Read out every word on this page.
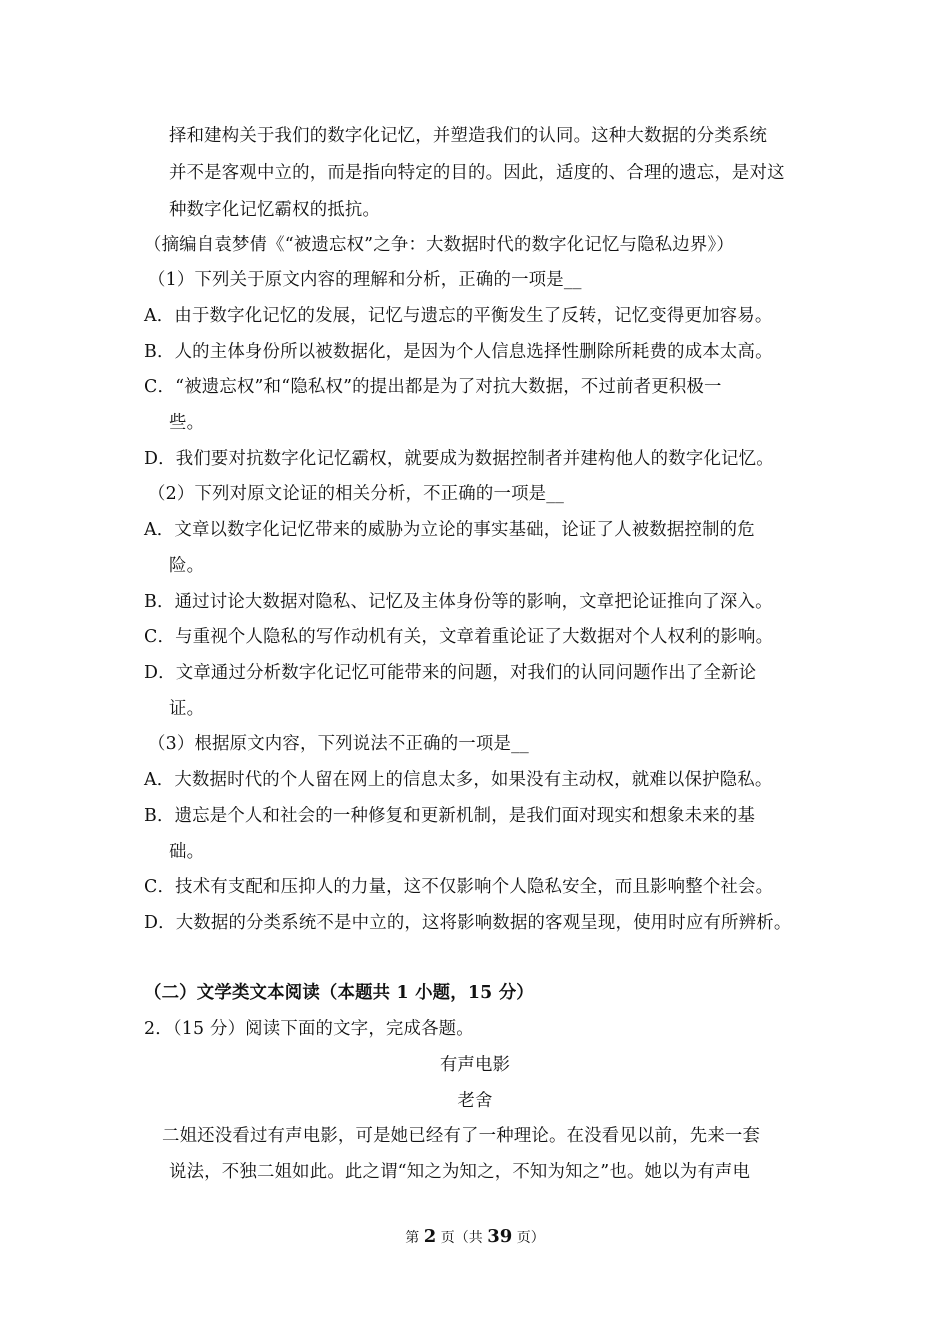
择和建构关于我们的数字化记忆，并塑造我们的认同。这种大数据的分类系统
并不是客观中立的，而是指向特定的目的。因此，适度的、合理的遗忘，是对这
种数字化记忆霸权的抵抗。
（摘编自袁梦倩《“被遗忘权”之争：大数据时代的数字化记忆与隐私边界》）
（1）下列关于原文内容的理解和分析，正确的一项是__
A．由于数字化记忆的发展，记忆与遗忘的平衡发生了反转，记忆变得更加容易。
B．人的主体身份所以被数据化，是因为个人信息选择性删除所耗费的成本太高。
C．“被遗忘权”和“隐私权”的提出都是为了对抗大数据，不过前者更积极一
些。
D．我们要对抗数字化记忆霸权，就要成为数据控制者并建构他人的数字化记忆。
（2）下列对原文论证的相关分析，不正确的一项是__
A．文章以数字化记忆带来的威胁为立论的事实基础，论证了人被数据控制的危
险。
B．通过讨论大数据对隐私、记忆及主体身份等的影响，文章把论证推向了深入。
C．与重视个人隐私的写作动机有关，文章着重论证了大数据对个人权利的影响。
D．文章通过分析数字化记忆可能带来的问题，对我们的认同问题作出了全新论
证。
（3）根据原文内容，下列说法不正确的一项是__
A．大数据时代的个人留在网上的信息太多，如果没有主动权，就难以保护隐私。
B．遗忘是个人和社会的一种修复和更新机制，是我们面对现实和想象未来的基
础。
C．技术有支配和压抑人的力量，这不仅影响个人隐私安全，而且影响整个社会。
D．大数据的分类系统不是中立的，这将影响数据的客观呈现，使用时应有所辨析。
（二）文学类文本阅读（本题共 1 小题，15 分）
2．（15 分）阅读下面的文字，完成各题。
有声电影
老舍
二姐还没看过有声电影，可是她已经有了一种理论。在没看见以前，先来一套
说法，不独二姐如此。此之谓“知之为知之，不知为知之”也。她以为有声电
第 2 页（共 39 页）
